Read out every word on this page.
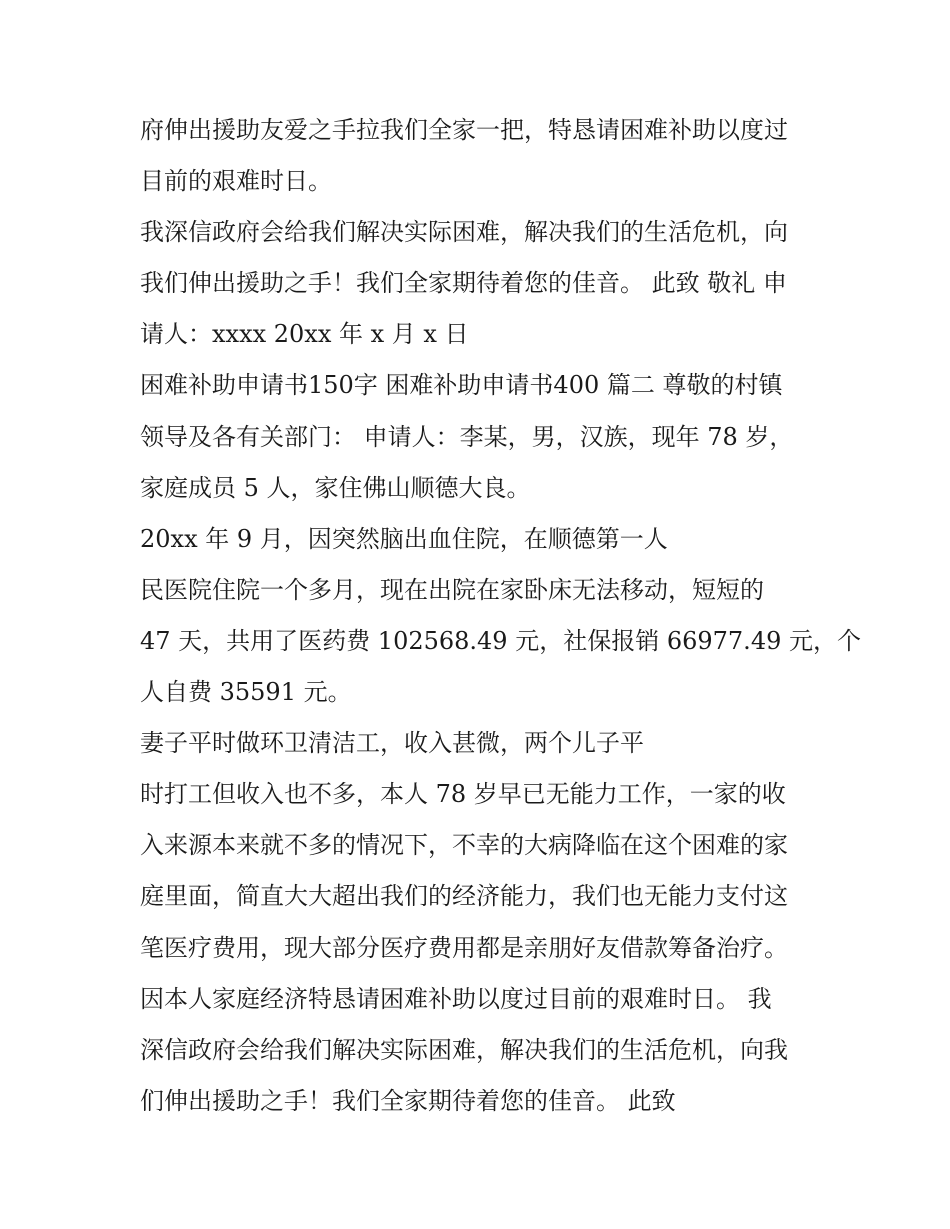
府伸出援助友爱之手拉我们全家一把，特恳请困难补助以度过
目前的艰难时日。
我深信政府会给我们解决实际困难，解决我们的生活危机，向
我们伸出援助之手！我们全家期待着您的佳音。 此致 敬礼 申
请人：xxxx 20xx 年 x 月 x 日
困难补助申请书150字 困难补助申请书400 篇二 尊敬的村镇
领导及各有关部门： 申请人：李某，男，汉族，现年 78 岁，
家庭成员 5 人，家住佛山顺德大良。
20xx 年 9 月，因突然脑出血住院，在顺德第一人
民医院住院一个多月，现在出院在家卧床无法移动，短短的
47 天，共用了医药费 102568.49 元，社保报销 66977.49 元，个
人自费 35591 元。
妻子平时做环卫清洁工，收入甚微，两个儿子平
时打工但收入也不多，本人 78 岁早已无能力工作，一家的收
入来源本来就不多的情况下，不幸的大病降临在这个困难的家
庭里面，简直大大超出我们的经济能力，我们也无能力支付这
笔医疗费用，现大部分医疗费用都是亲朋好友借款筹备治疗。
因本人家庭经济特恳请困难补助以度过目前的艰难时日。 我
深信政府会给我们解决实际困难，解决我们的生活危机，向我
们伸出援助之手！我们全家期待着您的佳音。 此致
